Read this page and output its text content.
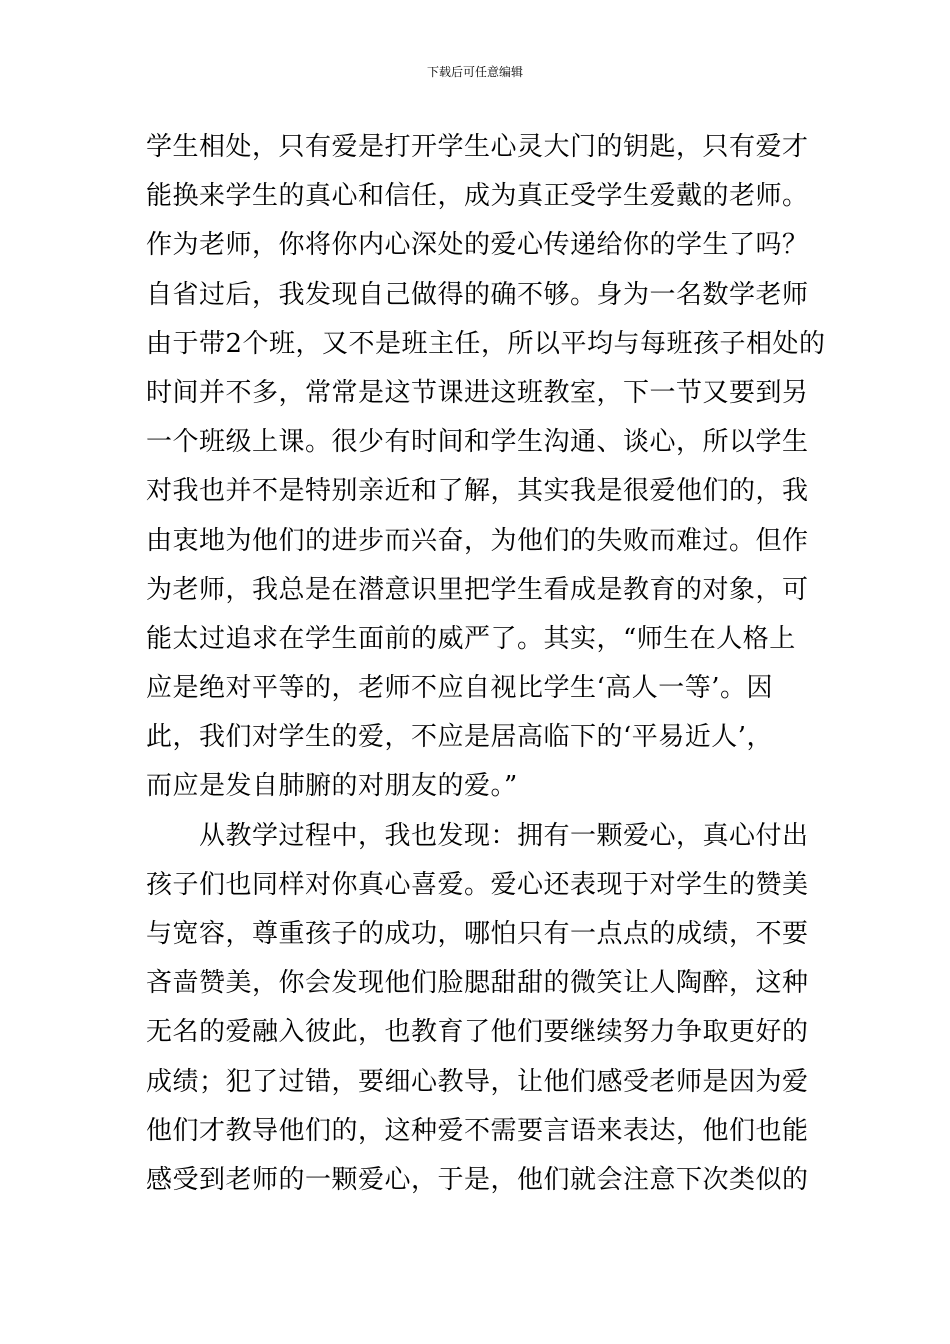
下载后可任意编辑
学生相处，只有爱是打开学生心灵大门的钥匙，只有爱才
能换来学生的真心和信任，成为真正受学生爱戴的老师。
作为老师，你将你内心深处的爱心传递给你的学生了吗？
自省过后，我发现自己做得的确不够。身为一名数学老师
由于带2个班，又不是班主任，所以平均与每班孩子相处的
时间并不多，常常是这节课进这班教室，下一节又要到另
一个班级上课。很少有时间和学生沟通、谈心，所以学生
对我也并不是特别亲近和了解，其实我是很爱他们的，我
由衷地为他们的进步而兴奋，为他们的失败而难过。但作
为老师，我总是在潜意识里把学生看成是教育的对象，可
能太过追求在学生面前的威严了。其实，“师生在人格上
应是绝对平等的，老师不应自视比学生‘高人一等’。因
此，我们对学生的爱，不应是居高临下的‘平易近人’，
而应是发自肺腑的对朋友的爱。”
　　从教学过程中，我也发现：拥有一颗爱心，真心付出
孩子们也同样对你真心喜爱。爱心还表现于对学生的赞美
与宽容，尊重孩子的成功，哪怕只有一点点的成绩，不要
吝啬赞美，你会发现他们脸腮甜甜的微笑让人陶醉，这种
无名的爱融入彼此，也教育了他们要继续努力争取更好的
成绩；犯了过错，要细心教导，让他们感受老师是因为爱
他们才教导他们的，这种爱不需要言语来表达，他们也能
感受到老师的一颗爱心，于是，他们就会注意下次类似的
